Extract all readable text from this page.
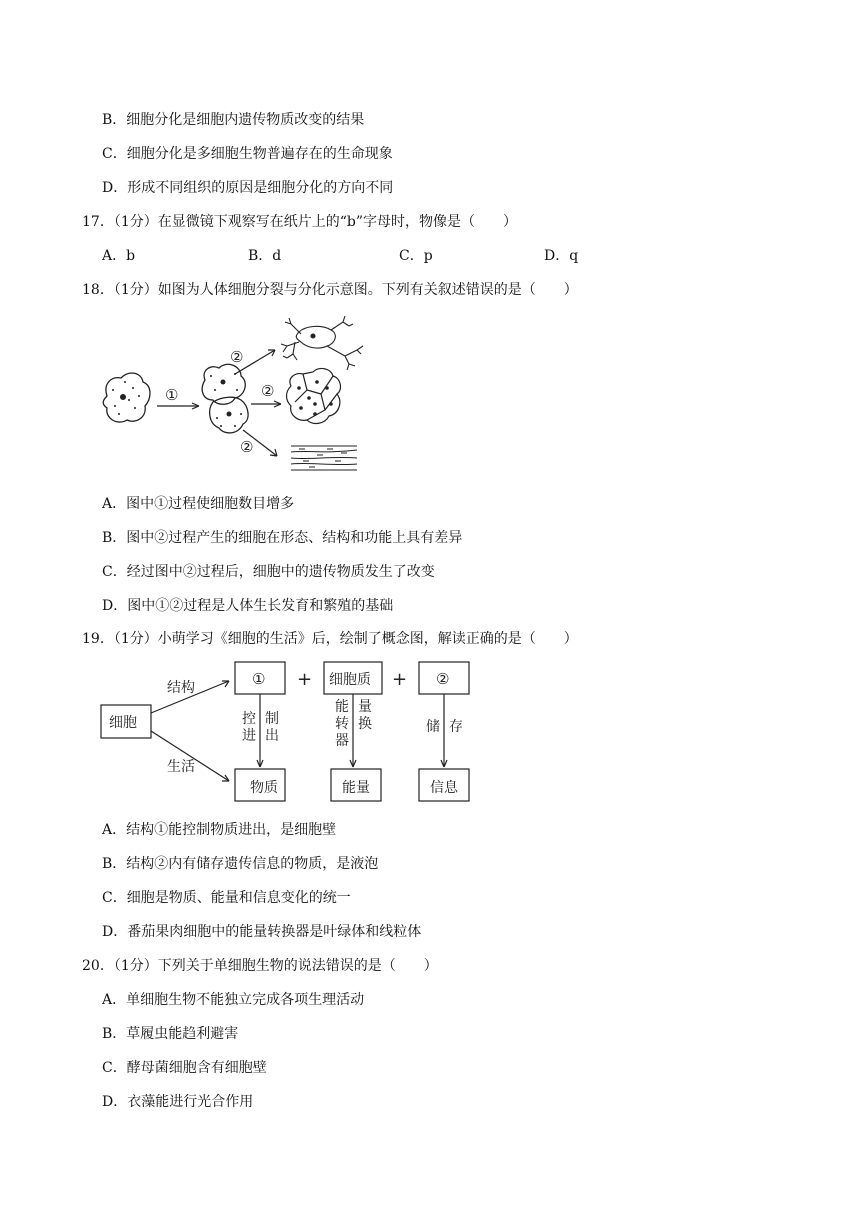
B．细胞分化是细胞内遗传物质改变的结果
C．细胞分化是多细胞生物普遍存在的生命现象
D．形成不同组织的原因是细胞分化的方向不同
17．（1分）在显微镜下观察写在纸片上的“b”字母时，物像是（　　）
A．b	B．d	C．p	D．q
18．（1分）如图为人体细胞分裂与分化示意图。下列有关叙述错误的是（　　）
①
②
②
②
A．图中①过程使细胞数目增多
B．图中②过程产生的细胞在形态、结构和功能上具有差异
C．经过图中②过程后，细胞中的遗传物质发生了改变
D．图中①②过程是人体生长发育和繁殖的基础
19．（1分）小萌学习《细胞的生活》后，绘制了概念图，解读正确的是（　　）
细胞
结构
生活
① + 细胞质 + ②
物质	能量	信息
控进
制出
能转器
量换	储 存
A．结构①能控制物质进出，是细胞壁
B．结构②内有储存遗传信息的物质，是液泡
C．细胞是物质、能量和信息变化的统一
D．番茄果肉细胞中的能量转换器是叶绿体和线粒体
20．（1分）下列关于单细胞生物的说法错误的是（　　）
A．单细胞生物不能独立完成各项生理活动
B．草履虫能趋利避害
C．酵母菌细胞含有细胞壁
D．衣藻能进行光合作用
